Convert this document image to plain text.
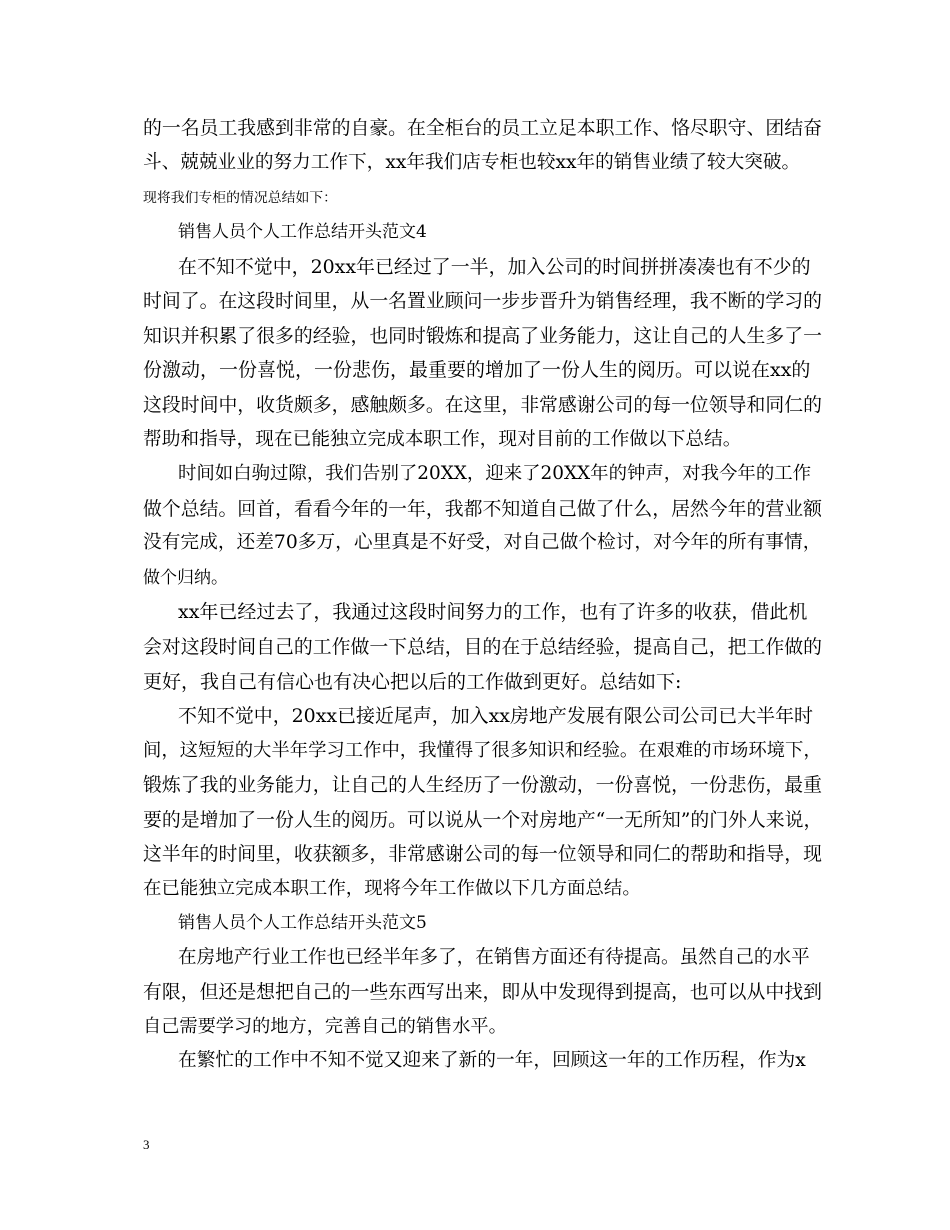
的一名员工我感到非常的自豪。在全柜台的员工立足本职工作、恪尽职守、团结奋
斗、兢兢业业的努力工作下，xx年我们店专柜也较xx年的销售业绩了较大突破。
现将我们专柜的情况总结如下：
销售人员个人工作总结开头范文4
在不知不觉中，20xx年已经过了一半，加入公司的时间拼拼凑凑也有不少的
时间了。在这段时间里，从一名置业顾问一步步晋升为销售经理，我不断的学习的
知识并积累了很多的经验，也同时锻炼和提高了业务能力，这让自己的人生多了一
份激动，一份喜悦，一份悲伤，最重要的增加了一份人生的阅历。可以说在xx的
这段时间中，收货颇多，感触颇多。在这里，非常感谢公司的每一位领导和同仁的
帮助和指导，现在已能独立完成本职工作，现对目前的工作做以下总结。
时间如白驹过隙，我们告别了20XX，迎来了20XX年的钟声，对我今年的工作
做个总结。回首，看看今年的一年，我都不知道自己做了什么，居然今年的营业额
没有完成，还差70多万，心里真是不好受，对自己做个检讨，对今年的所有事情，
做个归纳。
xx年已经过去了，我通过这段时间努力的工作，也有了许多的收获，借此机
会对这段时间自己的工作做一下总结，目的在于总结经验，提高自己，把工作做的
更好，我自己有信心也有决心把以后的工作做到更好。总结如下:
不知不觉中，20xx已接近尾声，加入xx房地产发展有限公司公司已大半年时
间，这短短的大半年学习工作中，我懂得了很多知识和经验。在艰难的市场环境下，
锻炼了我的业务能力，让自己的人生经历了一份激动，一份喜悦，一份悲伤，最重
要的是增加了一份人生的阅历。可以说从一个对房地产“一无所知”的门外人来说，
这半年的时间里，收获额多，非常感谢公司的每一位领导和同仁的帮助和指导，现
在已能独立完成本职工作，现将今年工作做以下几方面总结。
销售人员个人工作总结开头范文5
在房地产行业工作也已经半年多了，在销售方面还有待提高。虽然自己的水平
有限，但还是想把自己的一些东西写出来，即从中发现得到提高，也可以从中找到
自己需要学习的地方，完善自己的销售水平。
在繁忙的工作中不知不觉又迎来了新的一年，回顾这一年的工作历程，作为x
3
